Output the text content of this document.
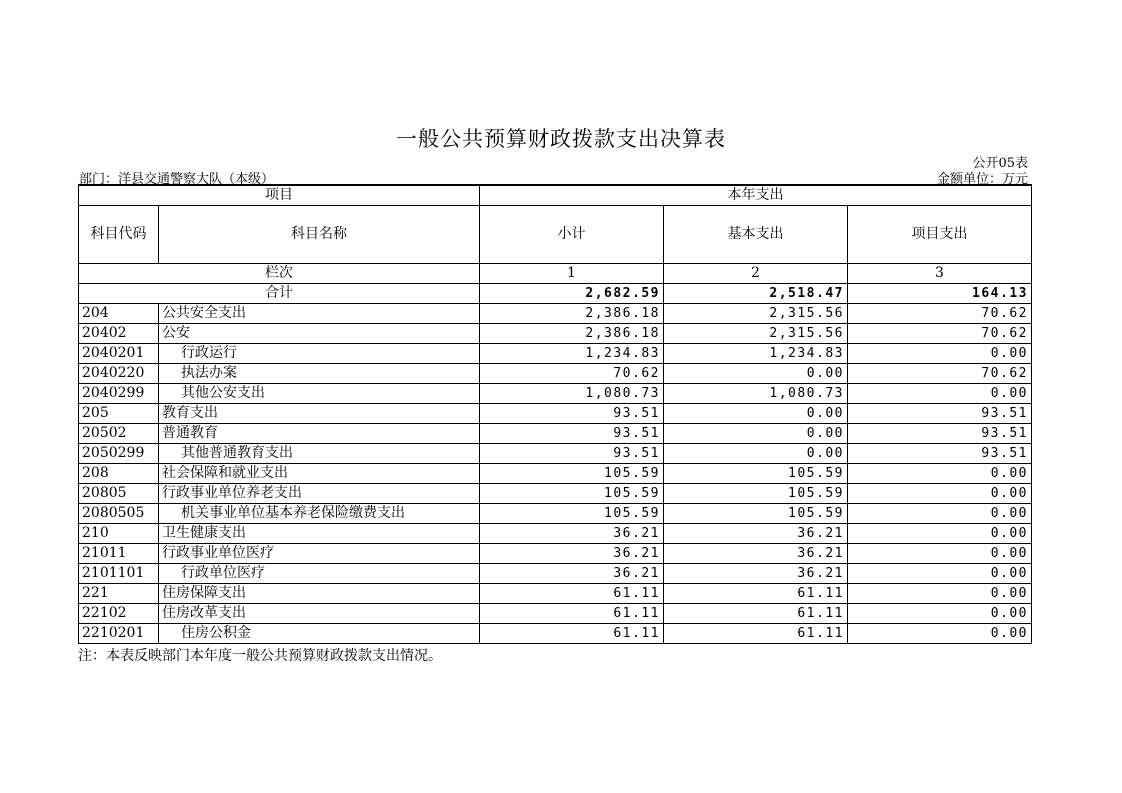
一般公共预算财政拨款支出决算表
公开05表
部门：洋县交通警察大队（本级）	金额单位：万元
项目		本年支出		
科目代码	科目名称	小计	基本支出	项目支出
栏次		1	2	3
合计		2,682.59	2,518.47	164.13
204	公共安全支出	2,386.18	2,315.56	70.62
20402	公安	2,386.18	2,315.56	70.62
2040201	行政运行	1,234.83	1,234.83	0.00
2040220	执法办案	70.62	0.00	70.62
2040299	其他公安支出	1,080.73	1,080.73	0.00
205	教育支出	93.51	0.00	93.51
20502	普通教育	93.51	0.00	93.51
2050299	其他普通教育支出	93.51	0.00	93.51
208	社会保障和就业支出	105.59	105.59	0.00
20805	行政事业单位养老支出	105.59	105.59	0.00
2080505	机关事业单位基本养老保险缴费支出	105.59	105.59	0.00
210	卫生健康支出	36.21	36.21	0.00
21011	行政事业单位医疗	36.21	36.21	0.00
2101101	行政单位医疗	36.21	36.21	0.00
221	住房保障支出	61.11	61.11	0.00
22102	住房改革支出	61.11	61.11	0.00
2210201	住房公积金	61.11	61.11	0.00
注：本表反映部门本年度一般公共预算财政拨款支出情况。
